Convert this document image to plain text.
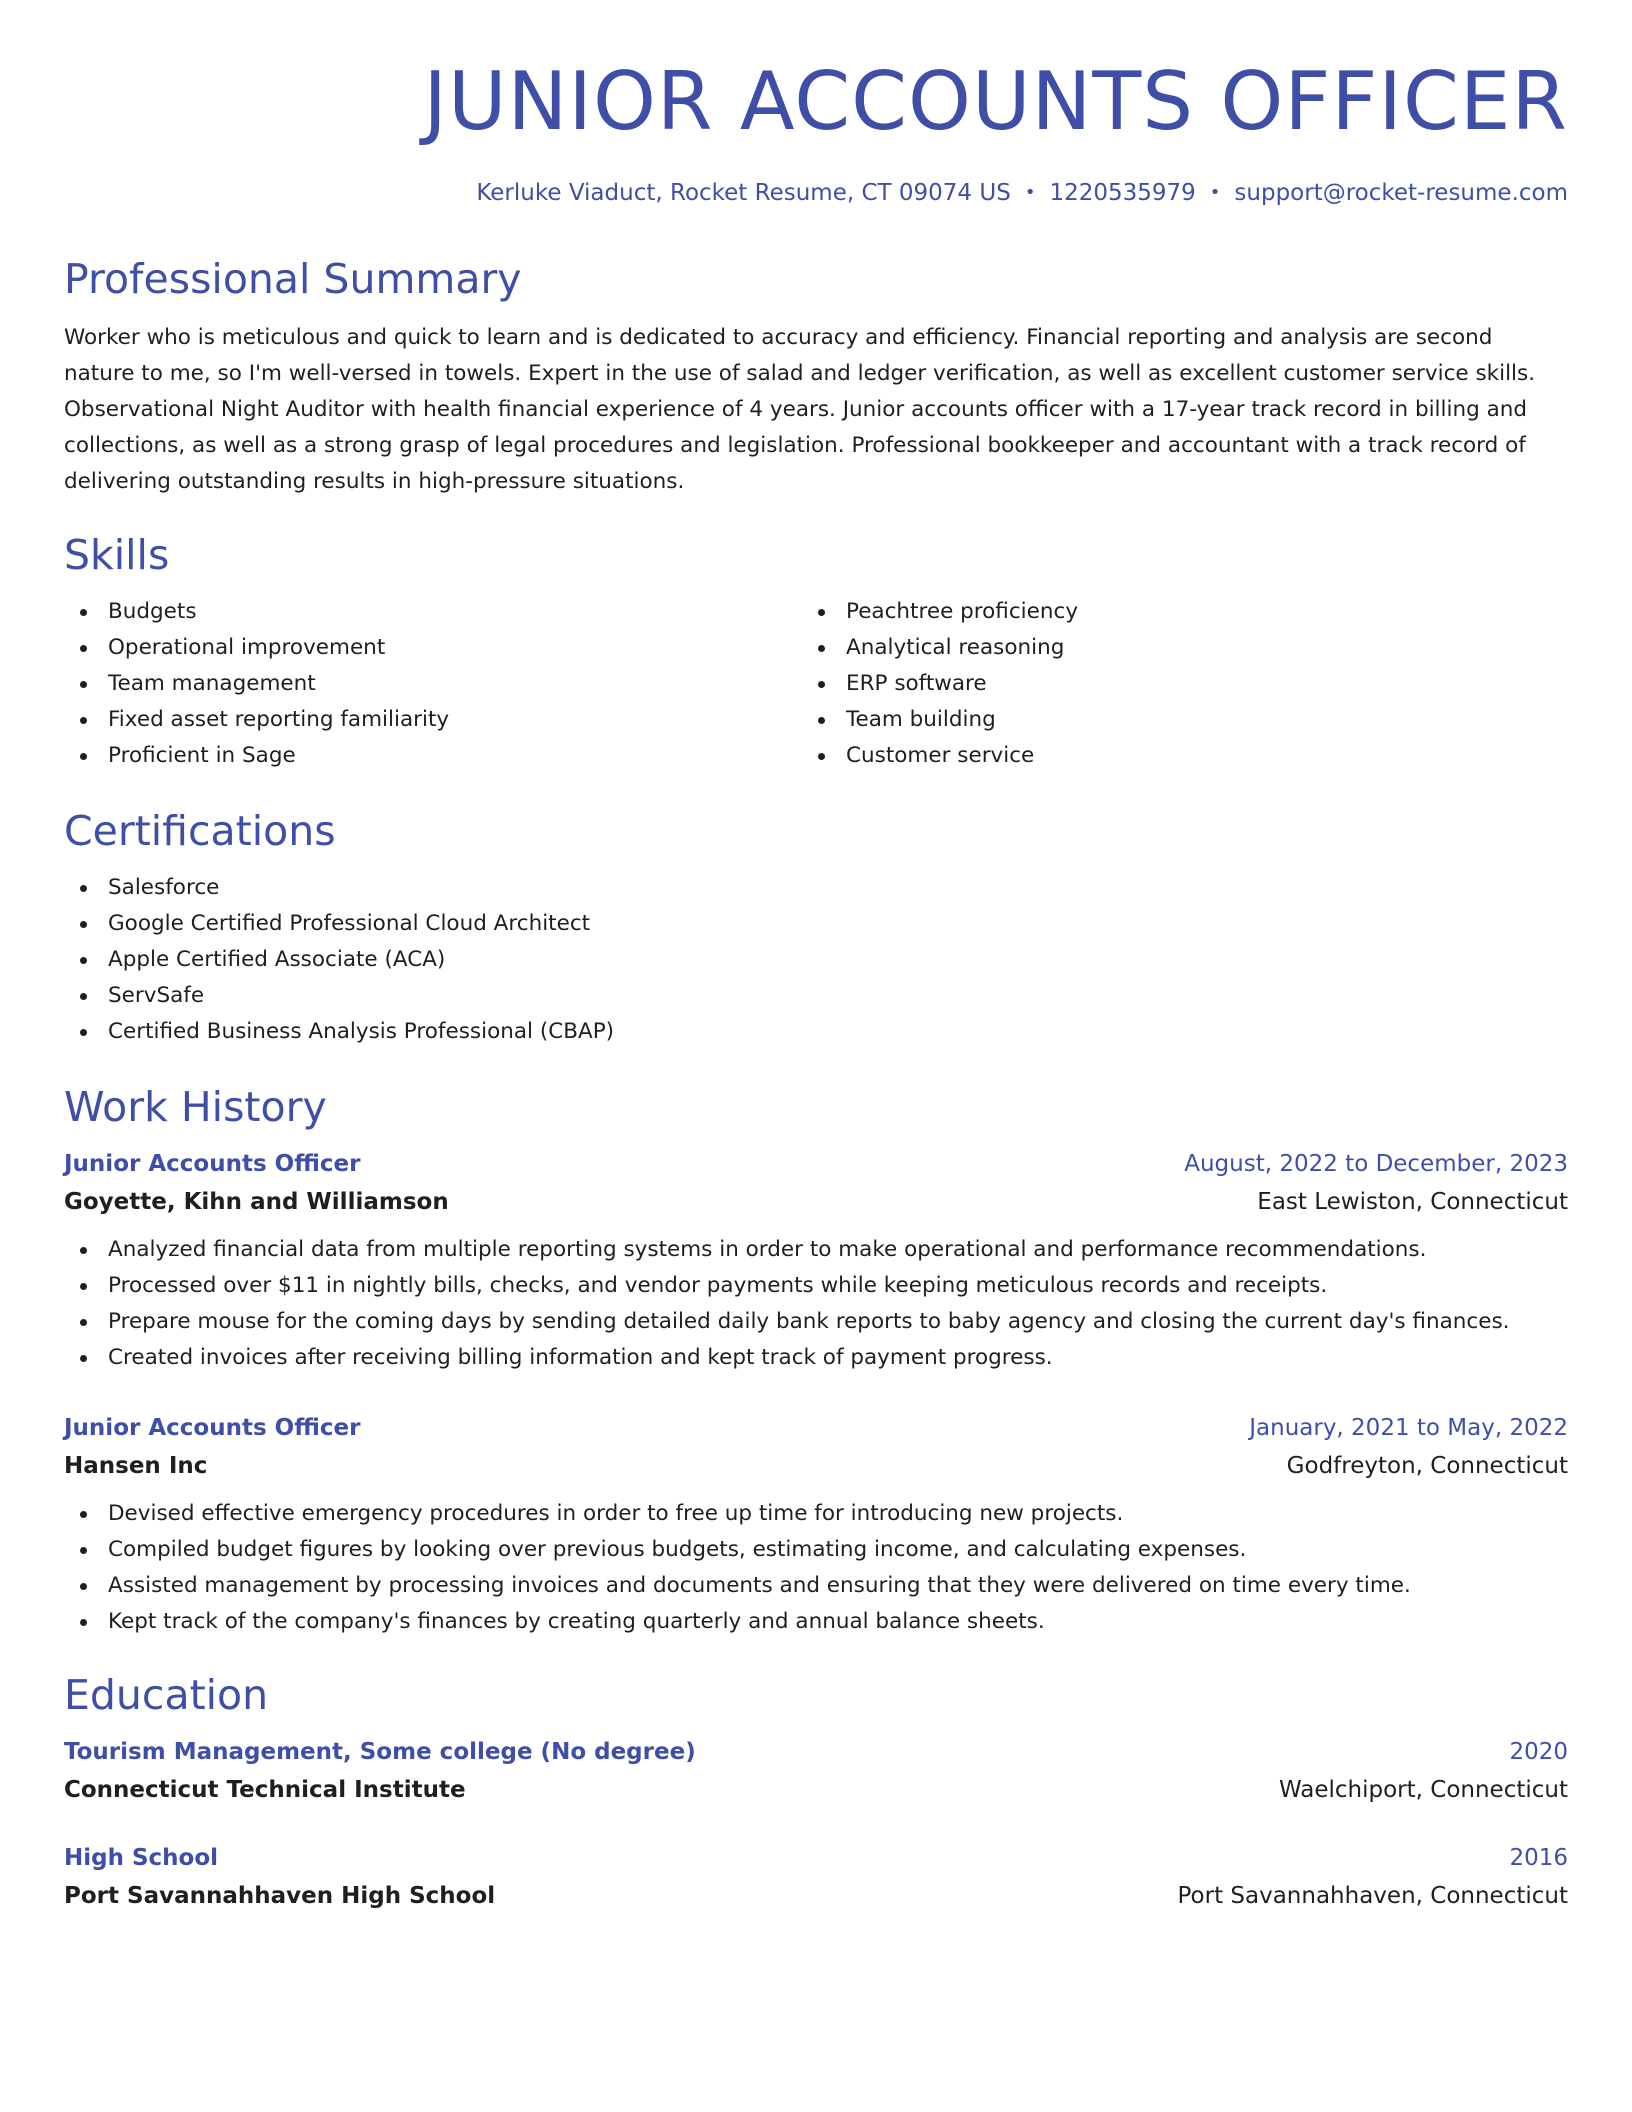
JUNIOR ACCOUNTS OFFICER
Kerluke Viaduct, Rocket Resume, CT 09074 US • 1220535979 • support@rocket-resume.com
Professional Summary

Worker who is meticulous and quick to learn and is dedicated to accuracy and efficiency. Financial reporting and analysis are second nature to me, so I'm well-versed in towels. Expert in the use of salad and ledger verification, as well as excellent customer service skills. Observational Night Auditor with health financial experience of 4 years. Junior accounts officer with a 17-year track record in billing and collections, as well as a strong grasp of legal procedures and legislation. Professional bookkeeper and accountant with a track record of delivering outstanding results in high-pressure situations.

Skills
Budgets
Operational improvement
Team management
Fixed asset reporting familiarity
Proficient in Sage
Peachtree proficiency
Analytical reasoning
ERP software
Team building
Customer service
Certifications
Salesforce
Google Certified Professional Cloud Architect
Apple Certified Associate (ACA)
ServSafe
Certified Business Analysis Professional (CBAP)
Work History
Junior Accounts Officer	August, 2022 to December, 2023
Goyette, Kihn and Williamson	East Lewiston, Connecticut
Analyzed financial data from multiple reporting systems in order to make operational and performance recommendations.
Processed over $11 in nightly bills, checks, and vendor payments while keeping meticulous records and receipts.
Prepare mouse for the coming days by sending detailed daily bank reports to baby agency and closing the current day's finances.
Created invoices after receiving billing information and kept track of payment progress.
Junior Accounts Officer	January, 2021 to May, 2022
Hansen Inc	Godfreyton, Connecticut
Devised effective emergency procedures in order to free up time for introducing new projects.
Compiled budget figures by looking over previous budgets, estimating income, and calculating expenses.
Assisted management by processing invoices and documents and ensuring that they were delivered on time every time.
Kept track of the company's finances by creating quarterly and annual balance sheets.
Education
Tourism Management, Some college (No degree)	2020
Connecticut Technical Institute	Waelchiport, Connecticut
High School	2016
Port Savannahhaven High School	Port Savannahhaven, Connecticut
